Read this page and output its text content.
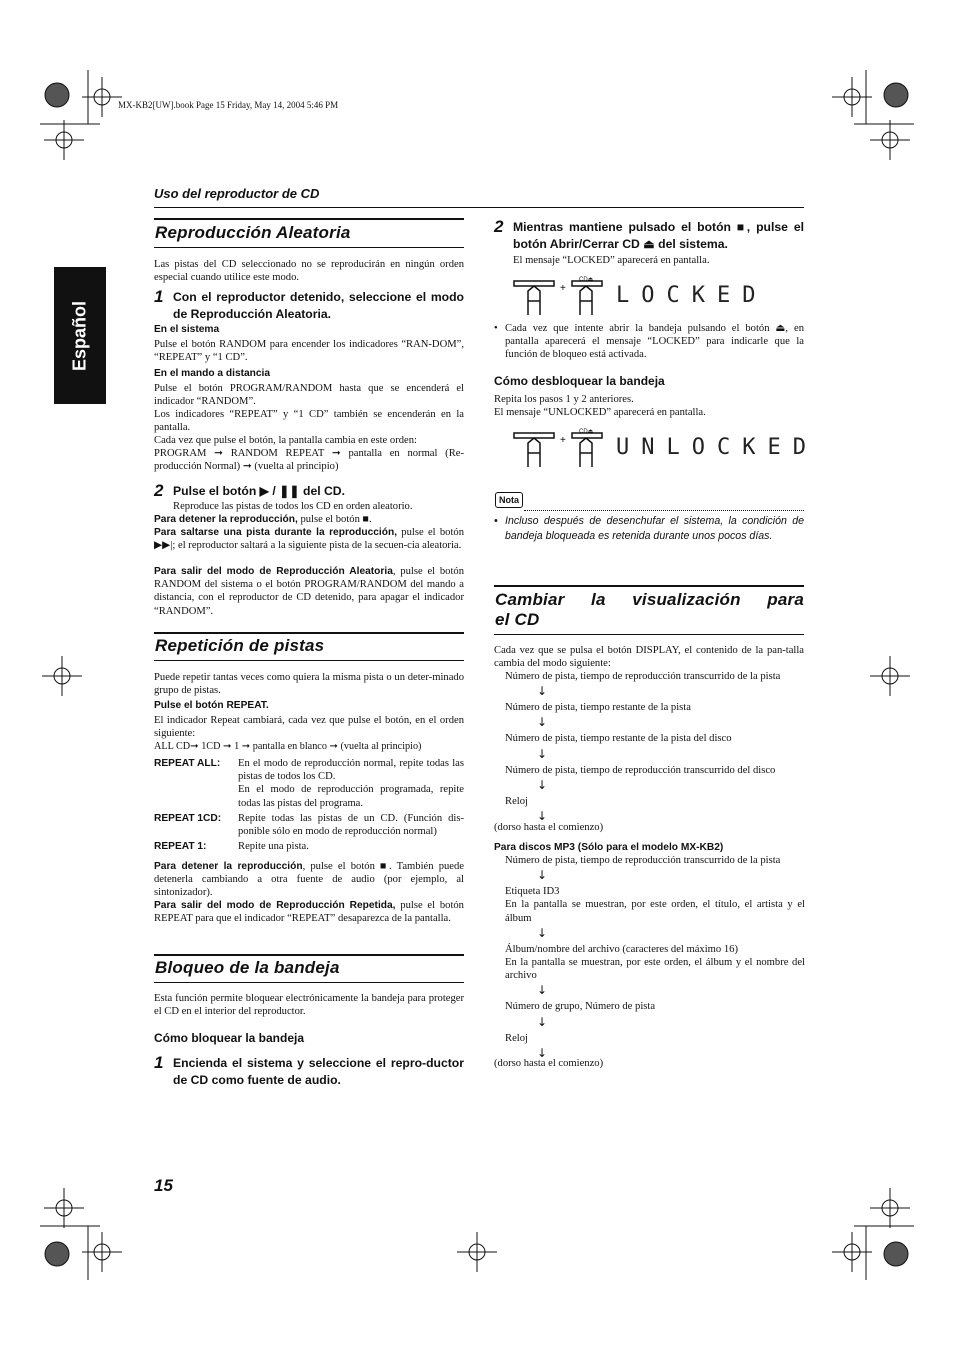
MX-KB2[UW].book Page 15 Friday, May 14, 2004 5:46 PM
Uso del reproductor de CD
Español
Reproducción Aleatoria
Las pistas del CD seleccionado no se reproducirán en ningún orden especial cuando utilice este modo.
1 Con el reproductor detenido, seleccione el modo de Reproducción Aleatoria.
En el sistema
Pulse el botón RANDOM para encender los indicadores “RAN-DOM”, “REPEAT” y “1 CD”.
En el mando a distancia
Pulse el botón PROGRAM/RANDOM hasta que se encenderá el indicador “RANDOM”.
Los indicadores “REPEAT” y “1 CD” también se encenderán en la pantalla.
Cada vez que pulse el botón, la pantalla cambia en este orden:
PROGRAM ➞ RANDOM REPEAT ➞ pantalla en normal (Re-producción Normal) ➞ (vuelta al principio)
2 Pulse el botón ▶ / ❚❚ del CD.
Reproduce las pistas de todos los CD en orden aleatorio.
Para detener la reproducción, pulse el botón ■.
Para saltarse una pista durante la reproducción, pulse el botón ▶▶|; el reproductor saltará a la siguiente pista de la secuen-cia aleatoria.
Para salir del modo de Reproducción Aleatoria, pulse el botón RANDOM del sistema o el botón PROGRAM/RANDOM del mando a distancia, con el reproductor de CD detenido, para apagar el indicador “RANDOM”.
Repetición de pistas
Puede repetir tantas veces como quiera la misma pista o un deter-minado grupo de pistas.
Pulse el botón REPEAT.
El indicador Repeat cambiará, cada vez que pulse el botón, en el orden siguiente:
ALL CD➞ 1CD ➞ 1 ➞ pantalla en blanco ➞ (vuelta al principio)
REPEAT ALL:	En el modo de reproducción normal, repite todas las pistas de todos los CD.
En el modo de reproducción programada, repite todas las pistas del programa.
REPEAT 1CD:	Repite todas las pistas de un CD. (Función dis-ponible sólo en modo de reproducción normal)
REPEAT 1:	Repite una pista.
Para detener la reproducción, pulse el botón ■. También puede detenerla cambiando a otra fuente de audio (por ejemplo, al sintonizador).
Para salir del modo de Reproducción Repetida, pulse el botón REPEAT para que el indicador “REPEAT” desaparezca de la pantalla.
Bloqueo de la bandeja
Esta función permite bloquear electrónicamente la bandeja para proteger el CD en el interior del reproductor.
Cómo bloquear la bandeja
1 Encienda el sistema y seleccione el repro-ductor de CD como fuente de audio.
2 Mientras mantiene pulsado el botón ■, pulse el botón Abrir/Cerrar CD ⏏ del sistema.
El mensaje “LOCKED” aparecerá en pantalla.
+
CD⏏
LOCKED
• Cada vez que intente abrir la bandeja pulsando el botón ⏏, en pantalla aparecerá el mensaje “LOCKED” para indicarle que la función de bloqueo está activada.
Cómo desbloquear la bandeja
Repita los pasos 1 y 2 anteriores.
El mensaje “UNLOCKED” aparecerá en pantalla.
+
CD⏏
UNLOCKED
Nota
• Incluso después de desenchufar el sistema, la condición de bandeja bloqueada es retenida durante unos pocos días.
Cambiar la visualización para
el CD
Cada vez que se pulsa el botón DISPLAY, el contenido de la pan-talla cambia del modo siguiente:
Número de pista, tiempo de reproducción transcurrido de la pista
↓
Número de pista, tiempo restante de la pista
↓
Número de pista, tiempo restante de la pista del disco
↓
Número de pista, tiempo de reproducción transcurrido del disco
↓
Reloj
↓
(dorso hasta el comienzo)
Para discos MP3 (Sólo para el modelo MX-KB2)
Número de pista, tiempo de reproducción transcurrido de la pista
↓
Etiqueta ID3
En la pantalla se muestran, por este orden, el título, el artista y el álbum
↓
Álbum/nombre del archivo (caracteres del máximo 16)
En la pantalla se muestran, por este orden, el álbum y el nombre del archivo
↓
Número de grupo, Número de pista
↓
Reloj
↓
(dorso hasta el comienzo)
15
